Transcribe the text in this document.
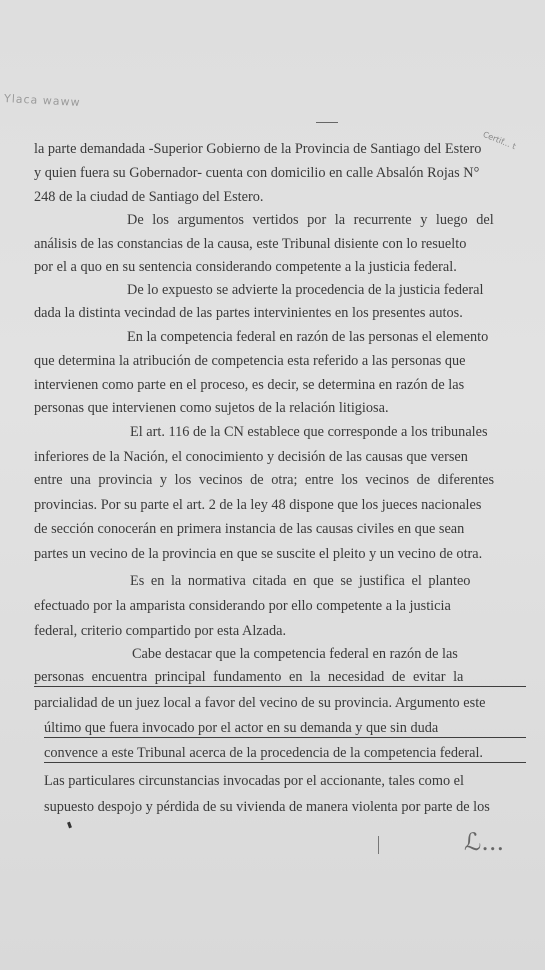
Ylaca waww
Certif... t
la parte demandada -Superior Gobierno de la Provincia de Santiago del Estero
y quien fuera su Gobernador- cuenta con domicilio en calle Absalón Rojas N°
248 de la ciudad de Santiago del Estero.
De los argumentos vertidos por la recurrente y luego del
análisis de las constancias de la causa, este Tribunal disiente con lo resuelto
por el a quo en su sentencia considerando competente a la justicia federal.
De lo expuesto se advierte la procedencia de la justicia federal
dada la distinta vecindad de las partes intervinientes en los presentes autos.
En la competencia federal en razón de las personas el elemento
que determina la atribución de competencia esta referido a las personas que
intervienen como parte en el proceso, es decir, se determina en razón de las
personas que intervienen como sujetos de la relación litigiosa.
El art. 116 de la CN establece que corresponde a los tribunales
inferiores de la Nación, el conocimiento y decisión de las causas que versen
entre una provincia y los vecinos de otra; entre los vecinos de diferentes
provincias. Por su parte el art. 2 de la ley 48 dispone que los jueces nacionales
de sección conocerán en primera instancia de las causas civiles en que sean
partes un vecino de la provincia en que se suscite el pleito y un vecino de otra.
Es en la normativa citada en que se justifica el planteo
efectuado por la amparista considerando por ello competente a la justicia
federal, criterio compartido por esta Alzada.
Cabe destacar que la competencia federal en razón de las
personas encuentra principal fundamento en la necesidad de evitar la
parcialidad de un juez local a favor del vecino de su provincia. Argumento este
último que fuera invocado por el actor en su demanda y que sin duda
convence a este Tribunal acerca de la procedencia de la competencia federal.
Las particulares circunstancias invocadas por el accionante, tales como el
supuesto despojo y pérdida de su vivienda de manera violenta por parte de los
ℒ...
